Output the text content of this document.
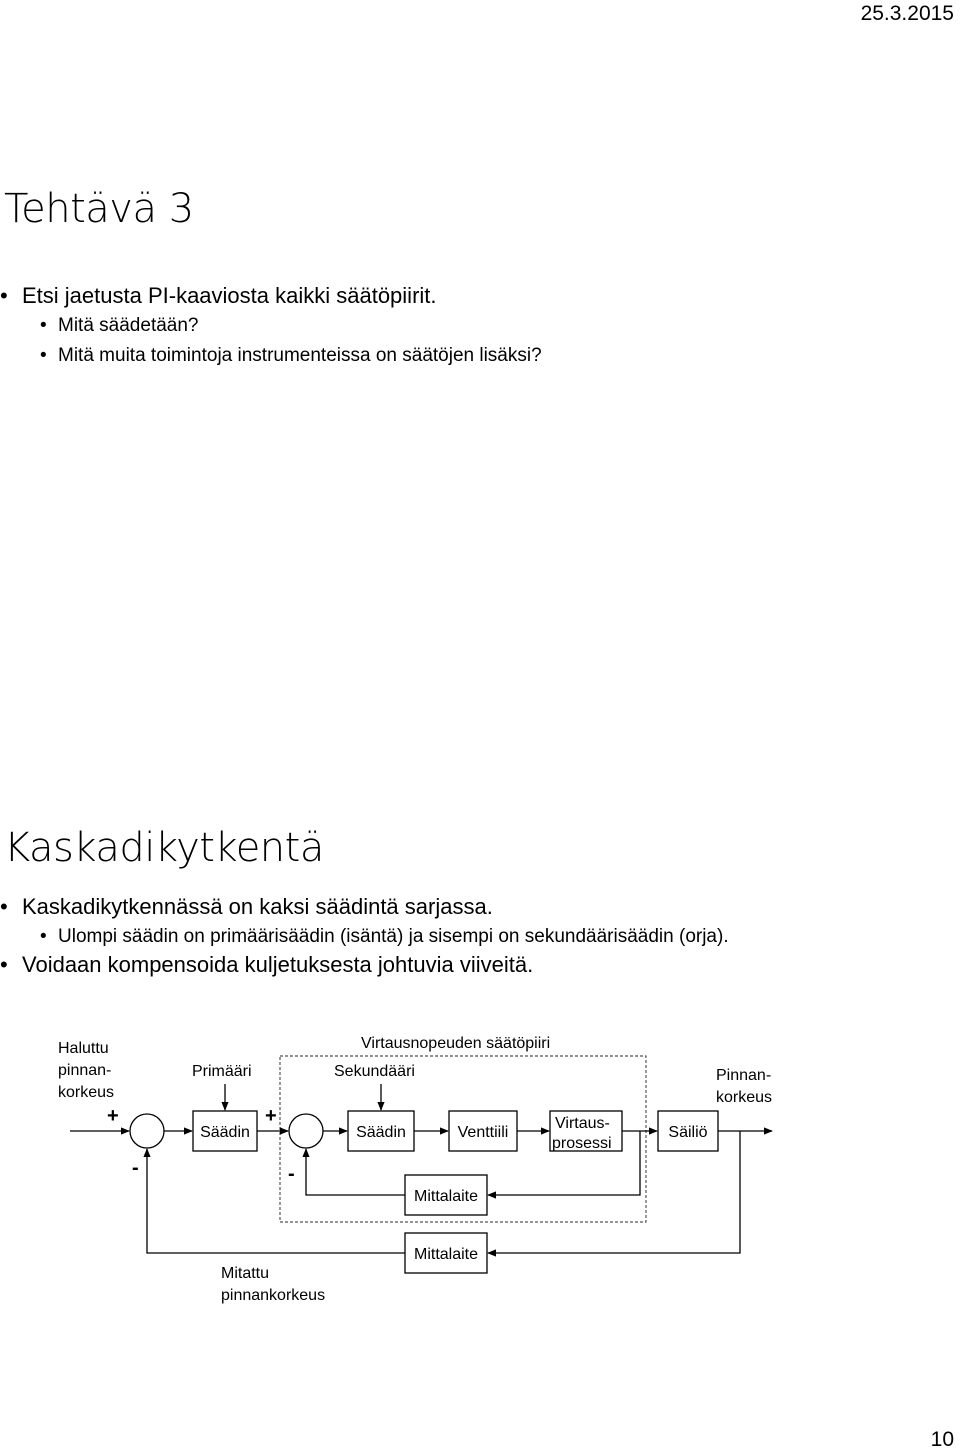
25.3.2015
Tehtävä 3
• Etsi jaetusta PI-kaaviosta kaikki säätöpiirit.
• Mitä säädetään?
• Mitä muita toimintoja instrumenteissa on säätöjen lisäksi?
Kaskadikytkentä
• Kaskadikytkennässä on kaksi säädintä sarjassa.
• Ulompi säädin on primäärisäädin (isäntä) ja sisempi on sekundäärisäädin (orja).
• Voidaan kompensoida kuljetuksesta johtuvia viiveitä.
Haluttu
pinnan-
korkeus
Virtausnopeuden säätöpiiri
Primääri	Sekundääri	Pinnan-
korkeus
Mitattu
pinnankorkeus
+
-
+
-
Säädin	Säädin	Venttiili
Virtaus-
prosessi
Säiliö
Mittalaite
Mittalaite
10
